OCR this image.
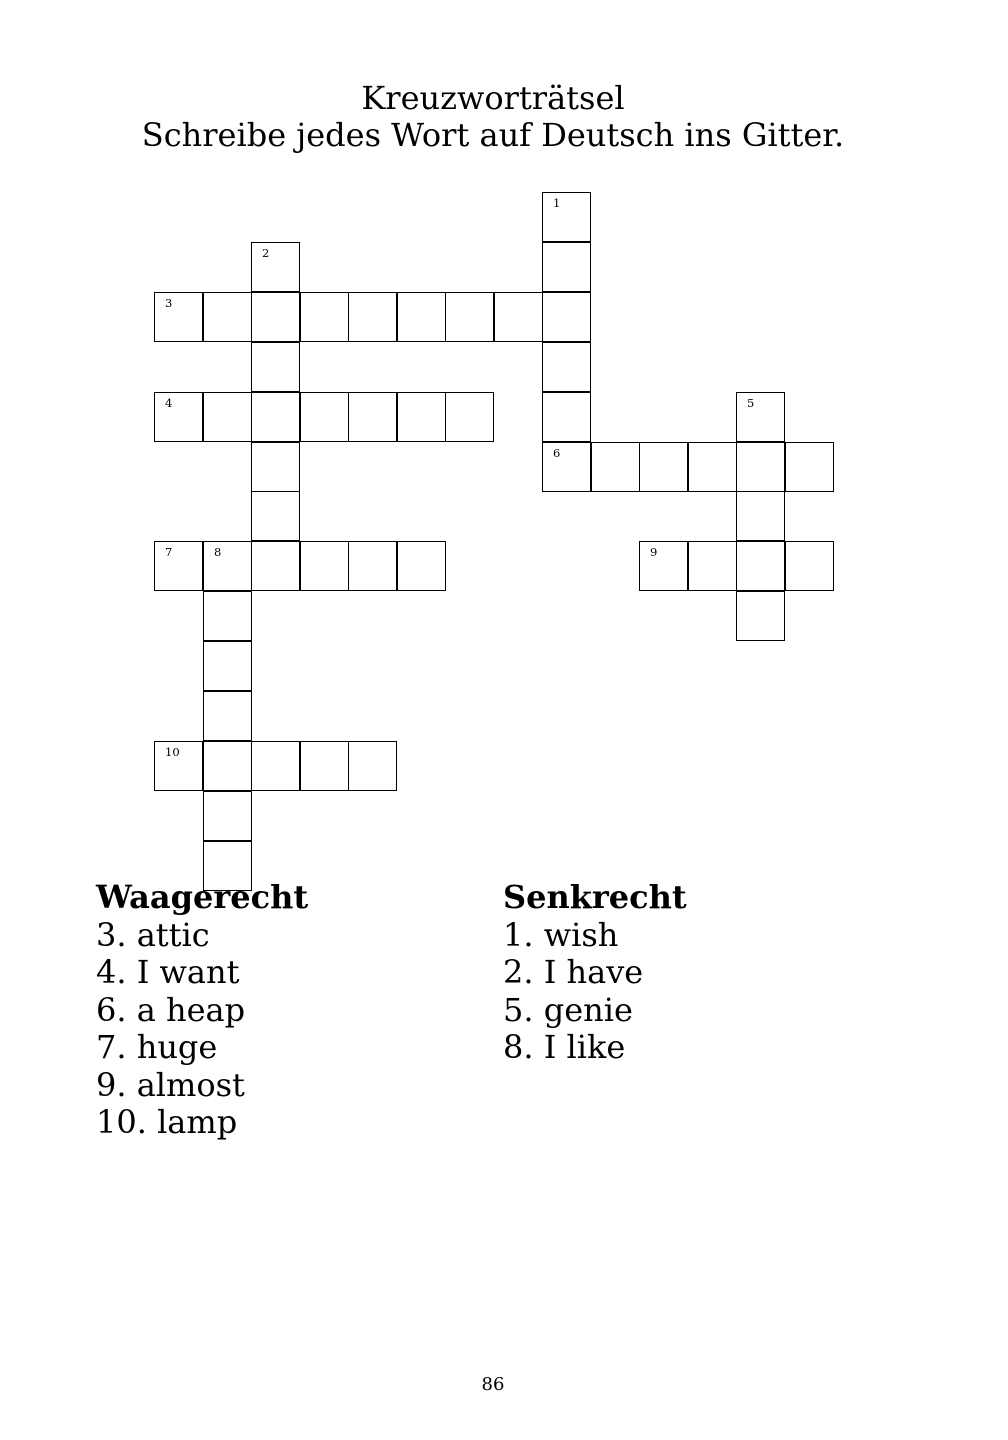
Kreuzworträtsel
Schreibe jedes Wort auf Deutsch ins Gitter.
1
6
2
3
4	5
7	8	9
10
Waagerecht
3. attic
4. I want
6. a heap
7. huge
9. almost
10. lamp
Senkrecht
1. wish
2. I have
5. genie
8. I like
86
